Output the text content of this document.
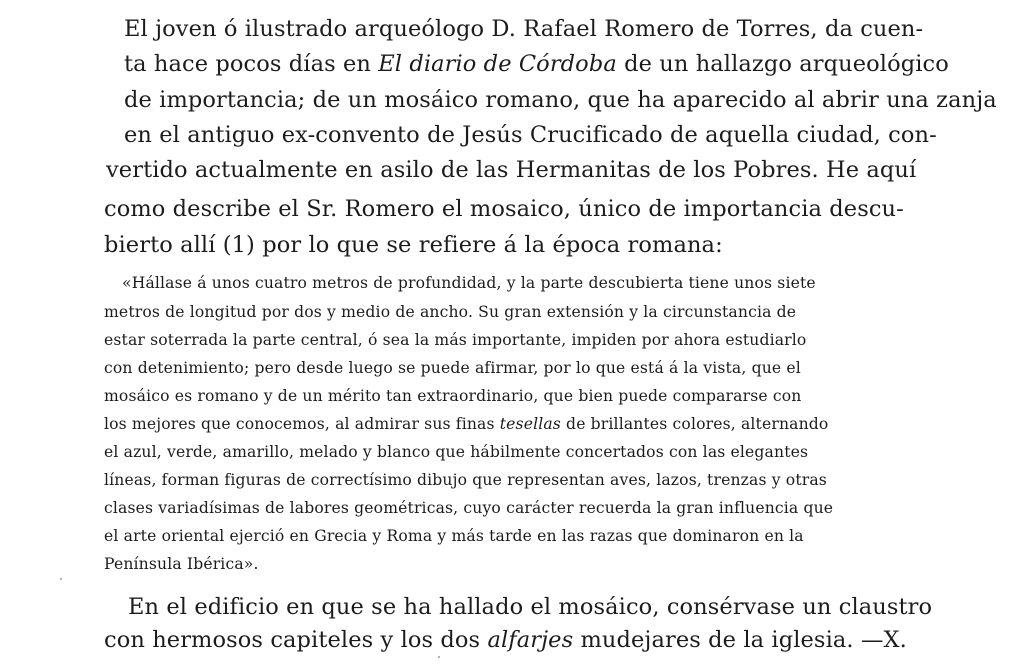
El joven ó ilustrado arqueólogo D. Rafael Romero de Torres, da cuen-

ta hace pocos días en El diario de Córdoba de un hallazgo arqueológico

de importancia; de un mosáico romano, que ha aparecido al abrir una zanja

en el antiguo ex-convento de Jesús Crucificado de aquella ciudad, con-

vertido actualmente en asilo de las Hermanitas de los Pobres. He aquí

como describe el Sr. Romero el mosaico, único de importancia descu-

bierto allí (1) por lo que se refiere á la época romana:

«Hállase á unos cuatro metros de profundidad, y la parte descubierta tiene unos siete

metros de longitud por dos y medio de ancho. Su gran extensión y la circunstancia de

estar soterrada la parte central, ó sea la más importante, impiden por ahora estudiarlo

con detenimiento; pero desde luego se puede afirmar, por lo que está á la vista, que el

mosáico es romano y de un mérito tan extraordinario, que bien puede compararse con

los mejores que conocemos, al admirar sus finas tesellas de brillantes colores, alternando

el azul, verde, amarillo, melado y blanco que hábilmente concertados con las elegantes

líneas, forman figuras de correctísimo dibujo que representan aves, lazos, trenzas y otras

clases variadísimas de labores geométricas, cuyo carácter recuerda la gran influencia que

el arte oriental ejerció en Grecia y Roma y más tarde en las razas que dominaron en la

Península Ibérica».

En el edificio en que se ha hallado el mosáico, consérvase un claustro

con hermosos capiteles y los dos alfarjes mudejares de la iglesia. —X.
